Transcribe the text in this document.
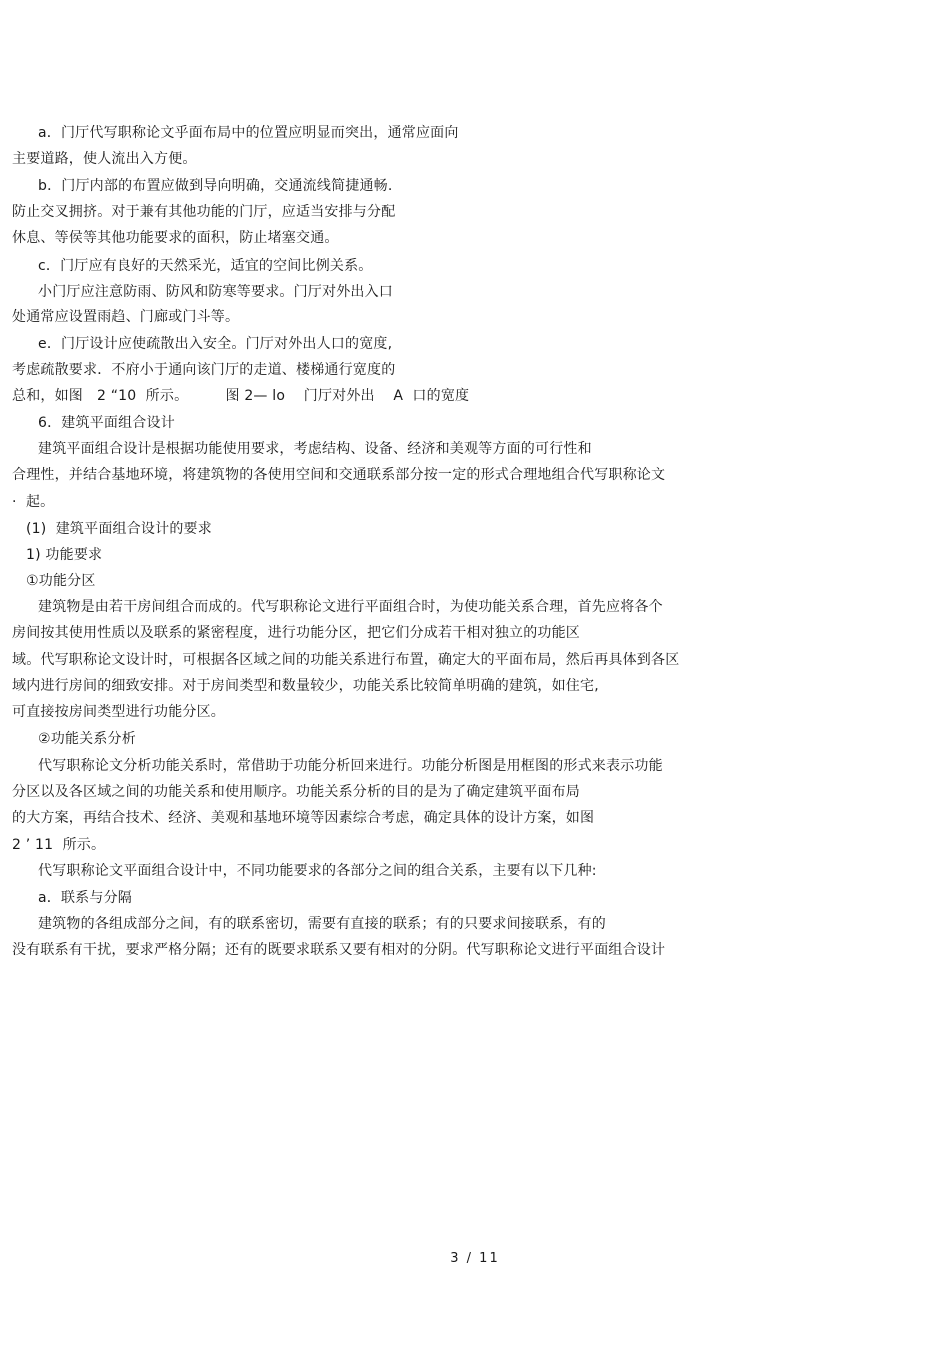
a．门厅代写职称论文乎面布局中的位置应明显而突出，通常应面向
主要道路，使人流出入方便。
b．门厅内部的布置应做到导向明确，交通流线简捷通畅.
防止交叉拥挤。对于兼有其他功能的门厅，应适当安排与分配
休息、等侯等其他功能要求的面积，防止堵塞交通。
c．门厅应有良好的天然采光，适宜的空间比例关系。
小门厅应注意防雨、防风和防寒等要求。门厅对外出入口
处通常应设置雨趋、门廊或门斗等。
e．门厅设计应使疏散出入安全。门厅对外出人口的宽度,
考虑疏散要求．不府小于通向该门厅的走道、楼梯通行宽度的
总和，如图   2 “10  所示。        图 2— lo    门厅对外出    A  口的宽度
6．建筑平面组合设计
建筑平面组合设计是根据功能使用要求，考虑结构、设备、经济和美观等方面的可行性和
合理性，并结合基地环境，将建筑物的各使用空间和交通联系部分按一定的形式合理地组合代写职称论文
·  起。
(1)  建筑平面组合设计的要求
1) 功能要求
①功能分区
建筑物是由若干房间组合而成的。代写职称论文进行平面组合时，为使功能关系合理，首先应将各个
房间按其使用性质以及联系的紧密程度，进行功能分区，把它们分成若干相对独立的功能区
域。代写职称论文设计时，可根据各区域之间的功能关系进行布置，确定大的平面布局，然后再具体到各区
域内进行房间的细致安排。对于房间类型和数量较少，功能关系比较简单明确的建筑，如住宅,
可直接按房间类型进行功能分区。
②功能关系分析
代写职称论文分析功能关系时，常借助于功能分析回来进行。功能分析图是用框图的形式来表示功能
分区以及各区域之间的功能关系和使用顺序。功能关系分析的目的是为了确定建筑平面布局
的大方案，再结合技术、经济、美观和基地环境等因素综合考虑，确定具体的设计方案，如图
2 ’ 11  所示。
代写职称论文平面组合设计中，不同功能要求的各部分之间的组合关系，主要有以下几种:
a．联系与分隔
建筑物的各组成部分之间，有的联系密切，需要有直接的联系；有的只要求间接联系，有的
没有联系有干扰，要求严格分隔；还有的既要求联系又要有相对的分阴。代写职称论文进行平面组合设计
3 / 11
